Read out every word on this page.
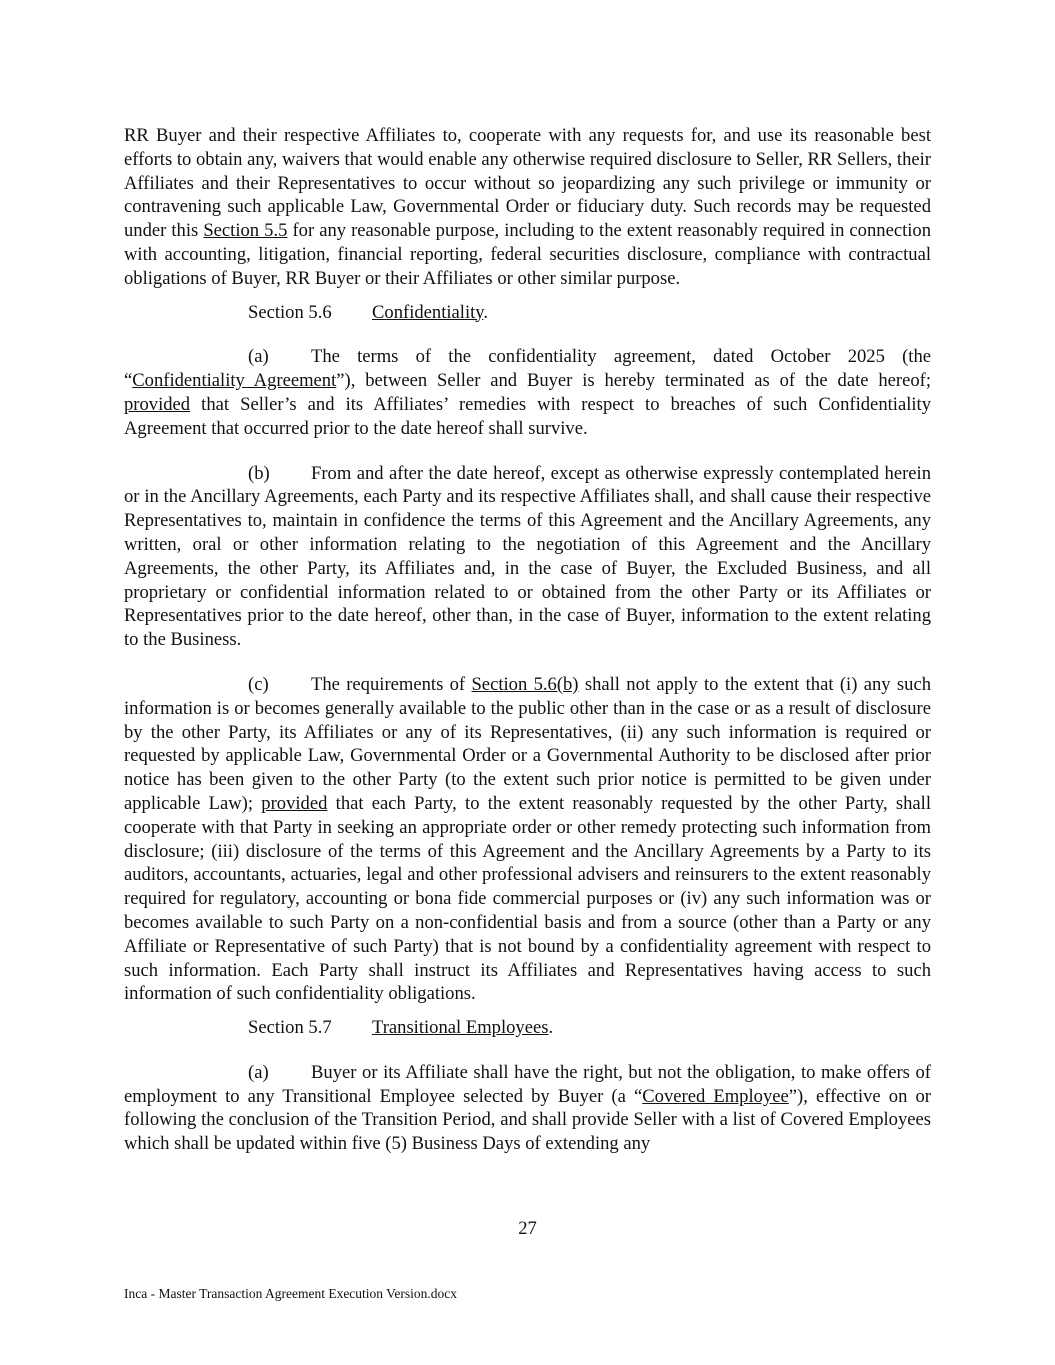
RR Buyer and their respective Affiliates to, cooperate with any requests for, and use its reasonable best efforts to obtain any, waivers that would enable any otherwise required disclosure to Seller, RR Sellers, their Affiliates and their Representatives to occur without so jeopardizing any such privilege or immunity or contravening such applicable Law, Governmental Order or fiduciary duty. Such records may be requested under this Section 5.5 for any reasonable purpose, including to the extent reasonably required in connection with accounting, litigation, financial reporting, federal securities disclosure, compliance with contractual obligations of Buyer, RR Buyer or their Affiliates or other similar purpose.

Section 5.6 Confidentiality.

(a) The terms of the confidentiality agreement, dated October 2025 (the “Confidentiality Agreement”), between Seller and Buyer is hereby terminated as of the date hereof; provided that Seller’s and its Affiliates’ remedies with respect to breaches of such Confidentiality Agreement that occurred prior to the date hereof shall survive.

(b) From and after the date hereof, except as otherwise expressly contemplated herein or in the Ancillary Agreements, each Party and its respective Affiliates shall, and shall cause their respective Representatives to, maintain in confidence the terms of this Agreement and the Ancillary Agreements, any written, oral or other information relating to the negotiation of this Agreement and the Ancillary Agreements, the other Party, its Affiliates and, in the case of Buyer, the Excluded Business, and all proprietary or confidential information related to or obtained from the other Party or its Affiliates or Representatives prior to the date hereof, other than, in the case of Buyer, information to the extent relating to the Business.

(c) The requirements of Section 5.6(b) shall not apply to the extent that (i) any such information is or becomes generally available to the public other than in the case or as a result of disclosure by the other Party, its Affiliates or any of its Representatives, (ii) any such information is required or requested by applicable Law, Governmental Order or a Governmental Authority to be disclosed after prior notice has been given to the other Party (to the extent such prior notice is permitted to be given under applicable Law); provided that each Party, to the extent reasonably requested by the other Party, shall cooperate with that Party in seeking an appropriate order or other remedy protecting such information from disclosure; (iii) disclosure of the terms of this Agreement and the Ancillary Agreements by a Party to its auditors, accountants, actuaries, legal and other professional advisers and reinsurers to the extent reasonably required for regulatory, accounting or bona fide commercial purposes or (iv) any such information was or becomes available to such Party on a non-confidential basis and from a source (other than a Party or any Affiliate or Representative of such Party) that is not bound by a confidentiality agreement with respect to such information. Each Party shall instruct its Affiliates and Representatives having access to such information of such confidentiality obligations.

Section 5.7 Transitional Employees.

(a) Buyer or its Affiliate shall have the right, but not the obligation, to make offers of employment to any Transitional Employee selected by Buyer (a “Covered Employee”), effective on or following the conclusion of the Transition Period, and shall provide Seller with a list of Covered Employees which shall be updated within five (5) Business Days of extending any

27
Inca - Master Transaction Agreement Execution Version.docx
